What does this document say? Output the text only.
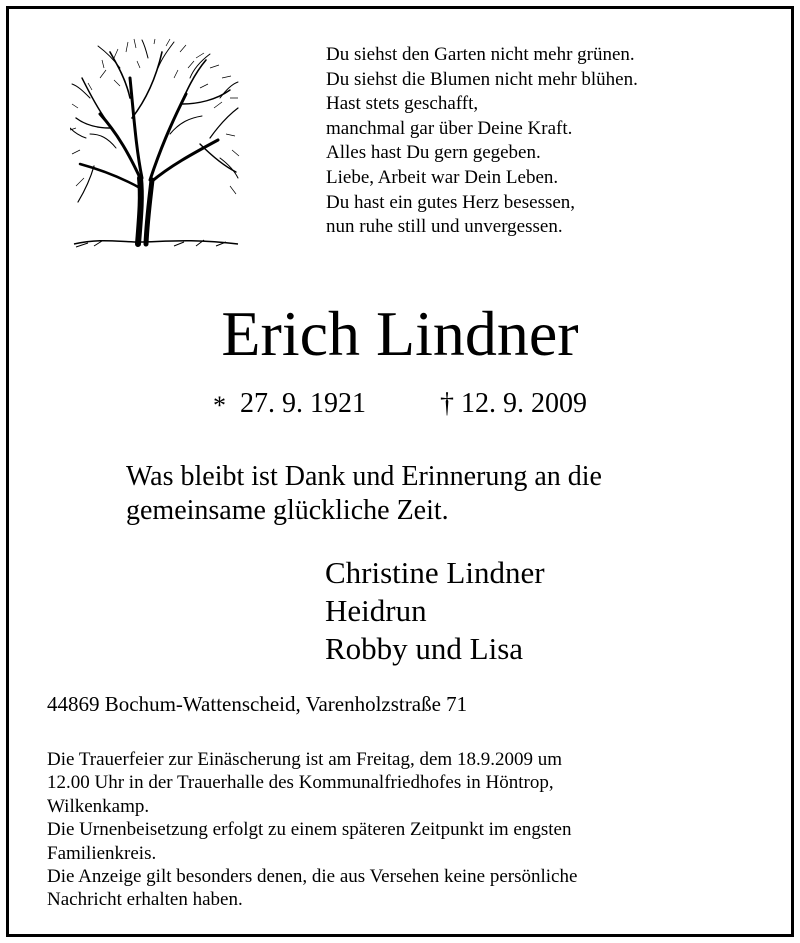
Du siehst den Garten nicht mehr grünen.
Du siehst die Blumen nicht mehr blühen.
Hast stets geschafft,
manchmal gar über Deine Kraft.
Alles hast Du gern gegeben.
Liebe, Arbeit war Dein Leben.
Du hast ein gutes Herz besessen,
nun ruhe still und unvergessen.
Erich Lindner
* 27. 9. 1921	† 12. 9. 2009
Was bleibt ist Dank und Erinnerung an die
gemeinsame glückliche Zeit.
Christine Lindner
Heidrun
Robby und Lisa
44869 Bochum-Wattenscheid, Varenholzstraße 71
Die Trauerfeier zur Einäscherung ist am Freitag, dem 18.9.2009 um
12.00 Uhr in der Trauerhalle des Kommunalfriedhofes in Höntrop,
Wilkenkamp.
Die Urnenbeisetzung erfolgt zu einem späteren Zeitpunkt im engsten
Familienkreis.
Die Anzeige gilt besonders denen, die aus Versehen keine persönliche
Nachricht erhalten haben.
